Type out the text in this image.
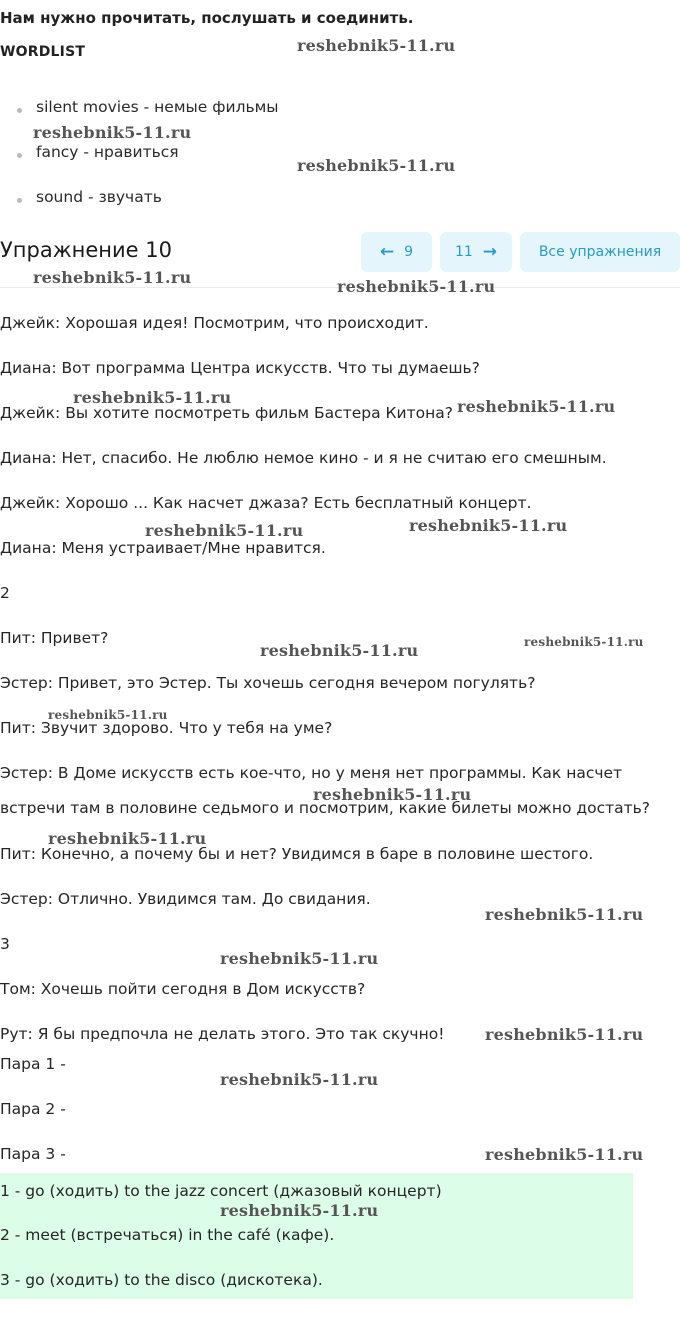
Нам нужно прочитать, послушать и соединить.
WORDLIST
silent movies - немые фильмы
fancy - нравиться
sound - звучать
Упражнение 10	← 9	11 →	Все упражнения
Джейк: Хорошая идея! Посмотрим, что происходит.
Диана: Вот программа Центра искусств. Что ты думаешь?
Джейк: Вы хотите посмотреть фильм Бастера Китона?
Диана: Нет, спасибо. Не люблю немое кино - и я не считаю его смешным.
Джейк: Хорошо ... Как насчет джаза? Есть бесплатный концерт.
Диана: Меня устраивает/Мне нравится.
2
Пит: Привет?
Эстер: Привет, это Эстер. Ты хочешь сегодня вечером погулять?
Пит: Звучит здорово. Что у тебя на уме?
Эстер: В Доме искусств есть кое-что, но у меня нет программы. Как насчет
встречи там в половине седьмого и посмотрим, какие билеты можно достать?
Пит: Конечно, а почему бы и нет? Увидимся в баре в половине шестого.
Эстер: Отлично. Увидимся там. До свидания.
3
Том: Хочешь пойти сегодня в Дом искусств?
Рут: Я бы предпочла не делать этого. Это так скучно!
Пара 1 -
Пара 2 -
Пара 3 -
1 - go (ходить) to the jazz concert (джазовый концерт)
2 - meet (встречаться) in the café (кафе).
3 - go (ходить) to the disco (дискотека).
reshebnik5-11.ru
reshebnik5-11.ru
reshebnik5-11.ru
reshebnik5-11.ru	reshebnik5-11.ru
reshebnik5-11.ru	reshebnik5-11.ru
reshebnik5-11.ru	reshebnik5-11.ru
reshebnik5-11.ru
reshebnik5-11.ru
reshebnik5-11.ru
reshebnik5-11.ru
reshebnik5-11.ru
reshebnik5-11.ru
reshebnik5-11.ru
reshebnik5-11.ru
reshebnik5-11.ru
reshebnik5-11.ru
reshebnik5-11.ru
